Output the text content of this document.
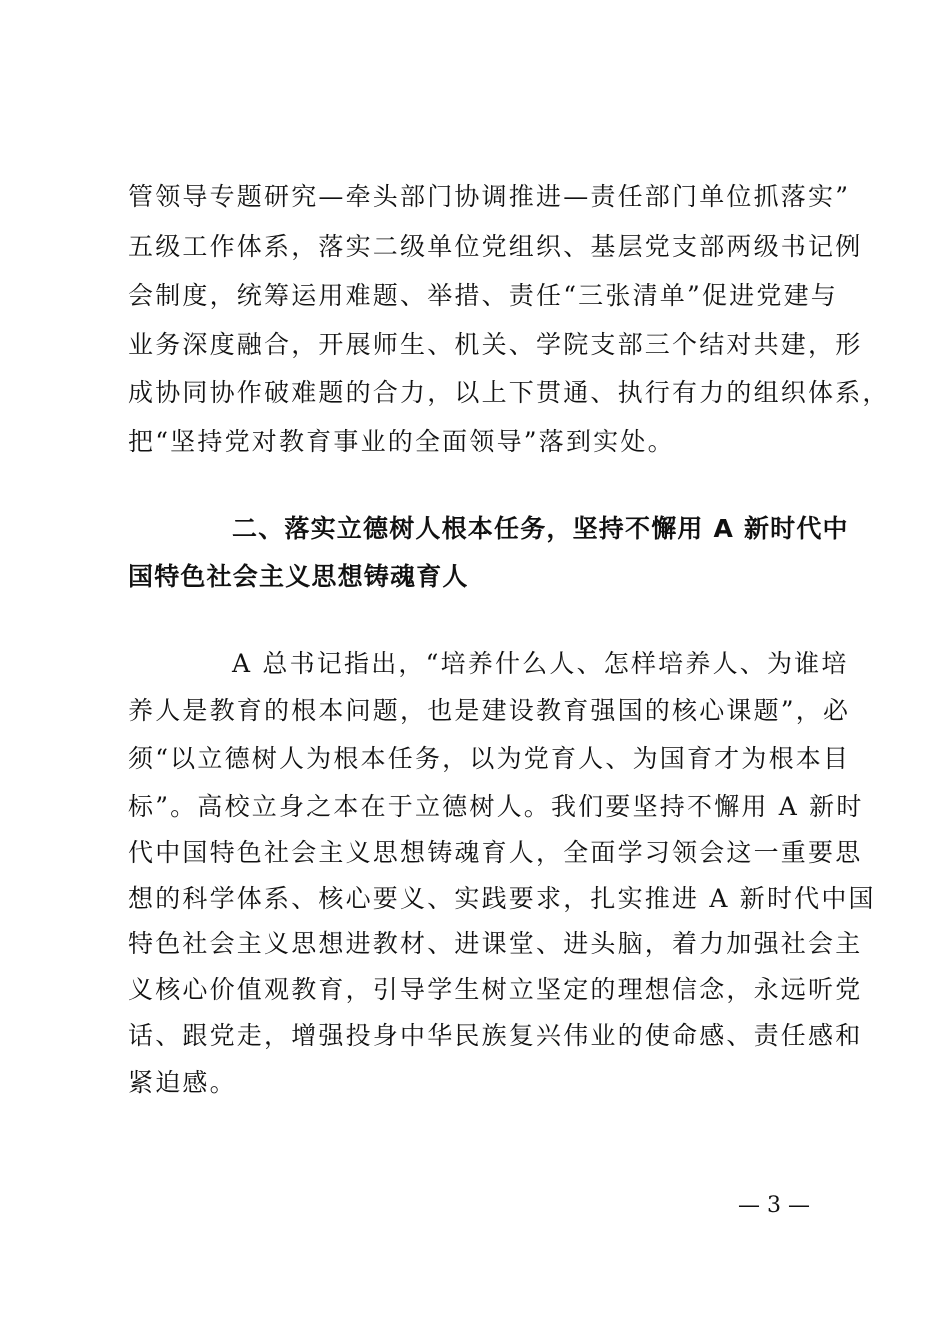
管领导专题研究—牵头部门协调推进—责任部门单位抓落实”
五级工作体系，落实二级单位党组织、基层党支部两级书记例
会制度，统筹运用难题、举措、责任“三张清单”促进党建与
业务深度融合，开展师生、机关、学院支部三个结对共建，形
成协同协作破难题的合力，以上下贯通、执行有力的组织体系，
把“坚持党对教育事业的全面领导”落到实处。
二、落实立德树人根本任务，坚持不懈用 A 新时代中
国特色社会主义思想铸魂育人
A 总书记指出，“培养什么人、怎样培养人、为谁培
养人是教育的根本问题，也是建设教育强国的核心课题”，必
须“以立德树人为根本任务，以为党育人、为国育才为根本目
标”。高校立身之本在于立德树人。我们要坚持不懈用 A 新时
代中国特色社会主义思想铸魂育人，全面学习领会这一重要思
想的科学体系、核心要义、实践要求，扎实推进 A 新时代中国
特色社会主义思想进教材、进课堂、进头脑，着力加强社会主
义核心价值观教育，引导学生树立坚定的理想信念，永远听党
话、跟党走，增强投身中华民族复兴伟业的使命感、责任感和
紧迫感。
— 3 —
